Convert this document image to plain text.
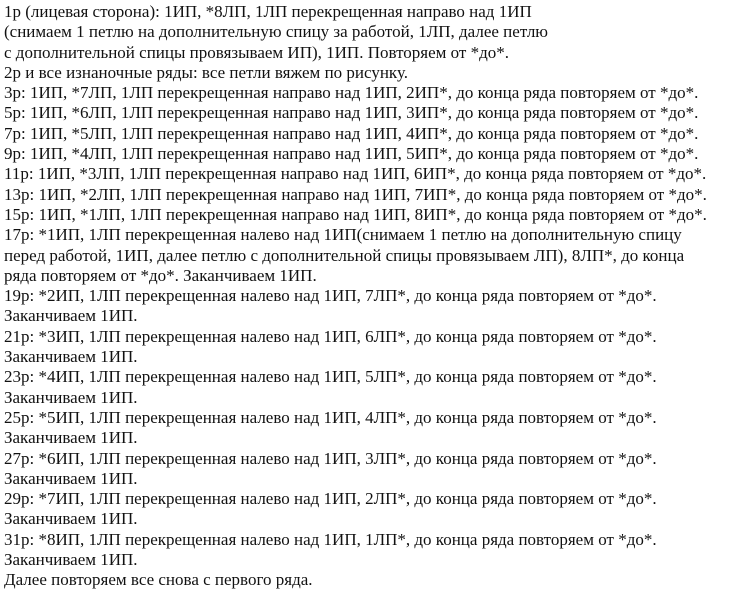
1р (лицевая сторона): 1ИП, *8ЛП, 1ЛП перекрещенная направо над 1ИП
(снимаем 1 петлю на дополнительную спицу за работой, 1ЛП, далее петлю
с дополнительной спицы провязываем ИП), 1ИП. Повторяем от *до*.
2р и все изнаночные ряды: все петли вяжем по рисунку.
3р: 1ИП, *7ЛП, 1ЛП перекрещенная направо над 1ИП, 2ИП*, до конца ряда повторяем от *до*.
5р: 1ИП, *6ЛП, 1ЛП перекрещенная направо над 1ИП, 3ИП*, до конца ряда повторяем от *до*.
7р: 1ИП, *5ЛП, 1ЛП перекрещенная направо над 1ИП, 4ИП*, до конца ряда повторяем от *до*.
9р: 1ИП, *4ЛП, 1ЛП перекрещенная направо над 1ИП, 5ИП*, до конца ряда повторяем от *до*.
11р: 1ИП, *3ЛП, 1ЛП перекрещенная направо над 1ИП, 6ИП*, до конца ряда повторяем от *до*.
13р: 1ИП, *2ЛП, 1ЛП перекрещенная направо над 1ИП, 7ИП*, до конца ряда повторяем от *до*.
15р: 1ИП, *1ЛП, 1ЛП перекрещенная направо над 1ИП, 8ИП*, до конца ряда повторяем от *до*.
17р: *1ИП, 1ЛП перекрещенная налево над 1ИП(снимаем 1 петлю на дополнительную спицу
перед работой, 1ИП, далее петлю с дополнительной спицы провязываем ЛП), 8ЛП*, до конца
ряда повторяем от *до*. Заканчиваем 1ИП.
19р: *2ИП, 1ЛП перекрещенная налево над 1ИП, 7ЛП*, до конца ряда повторяем от *до*.
Заканчиваем 1ИП.
21р: *3ИП, 1ЛП перекрещенная налево над 1ИП, 6ЛП*, до конца ряда повторяем от *до*.
Заканчиваем 1ИП.
23р: *4ИП, 1ЛП перекрещенная налево над 1ИП, 5ЛП*, до конца ряда повторяем от *до*.
Заканчиваем 1ИП.
25р: *5ИП, 1ЛП перекрещенная налево над 1ИП, 4ЛП*, до конца ряда повторяем от *до*.
Заканчиваем 1ИП.
27р: *6ИП, 1ЛП перекрещенная налево над 1ИП, 3ЛП*, до конца ряда повторяем от *до*.
Заканчиваем 1ИП.
29р: *7ИП, 1ЛП перекрещенная налево над 1ИП, 2ЛП*, до конца ряда повторяем от *до*.
Заканчиваем 1ИП.
31р: *8ИП, 1ЛП перекрещенная налево над 1ИП, 1ЛП*, до конца ряда повторяем от *до*.
Заканчиваем 1ИП.
Далее повторяем все снова с первого ряда.
